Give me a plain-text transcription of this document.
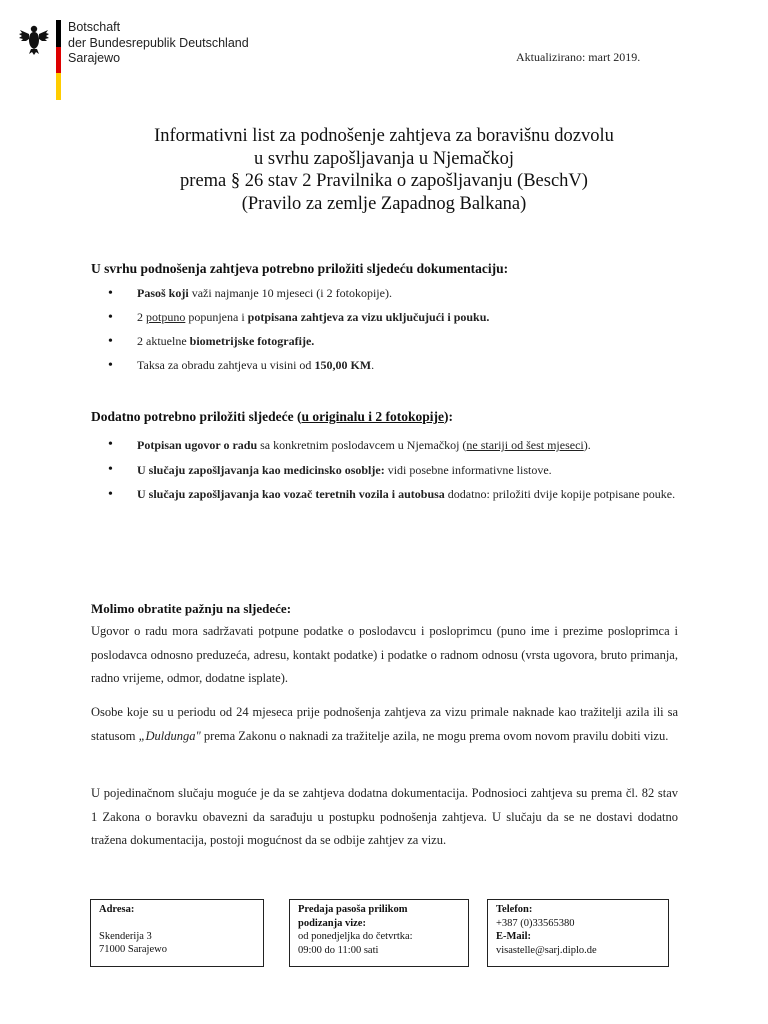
Botschaft
der Bundesrepublik Deutschland
Sarajewo	Aktualizirano: mart 2019.
Informativni list za podnošenje zahtjeva za boravišnu dozvolu
u svrhu zapošljavanja u Njemačkoj
prema § 26 stav 2 Pravilnika o zapošljavanju (BeschV)
(Pravilo za zemlje Zapadnog Balkana)
U svrhu podnošenja zahtjeva potrebno priložiti sljedeću dokumentaciju:
• Pasoš koji važi najmanje 10 mjeseci (i 2 fotokopije).
• 2 potpuno popunjena i potpisana zahtjeva za vizu uključujući i pouku.
• 2 aktuelne biometrijske fotografije.
• Taksa za obradu zahtjeva u visini od 150,00 KM.
Dodatno potrebno priložiti sljedeće (u originalu i 2 fotokopije):
• Potpisan ugovor o radu sa konkretnim poslodavcem u Njemačkoj (ne stariji od šest mjeseci).
• U slučaju zapošljavanja kao medicinsko osoblje: vidi posebne informativne listove.
• U slučaju zapošljavanja kao vozač teretnih vozila i autobusa dodatno: priložiti dvije kopije potpisane pouke.
Molimo obratite pažnju na sljedeće:
Ugovor o radu mora sadržavati potpune podatke o poslodavcu i posloprimcu (puno ime i prezime posloprimca i poslodavca odnosno preduzeća, adresu, kontakt podatke) i podatke o radnom odnosu (vrsta ugovora, bruto primanja, radno vrijeme, odmor, dodatne isplate).
Osobe koje su u periodu od 24 mjeseca prije podnošenja zahtjeva za vizu primale naknade kao tražitelji azila ili sa statusom „Duldunga" prema Zakonu o naknadi za tražitelje azila, ne mogu prema ovom novom pravilu dobiti vizu.
U pojedinačnom slučaju moguće je da se zahtjeva dodatna dokumentacija. Podnosioci zahtjeva su prema čl. 82 stav 1 Zakona o boravku obavezni da sarađuju u postupku podnošenja zahtjeva. U slučaju da se ne dostavi dodatno tražena dokumentacija, postoji mogućnost da se odbije zahtjev za vizu.
Adresa:
Skenderija 3
71000 Sarajewo
Predaja pasoša prilikom
podizanja vize:
od ponedjeljka do četvrtka:
09:00 do 11:00 sati
Telefon:
+387 (0)33565380
E-Mail:
visastelle@sarj.diplo.de
